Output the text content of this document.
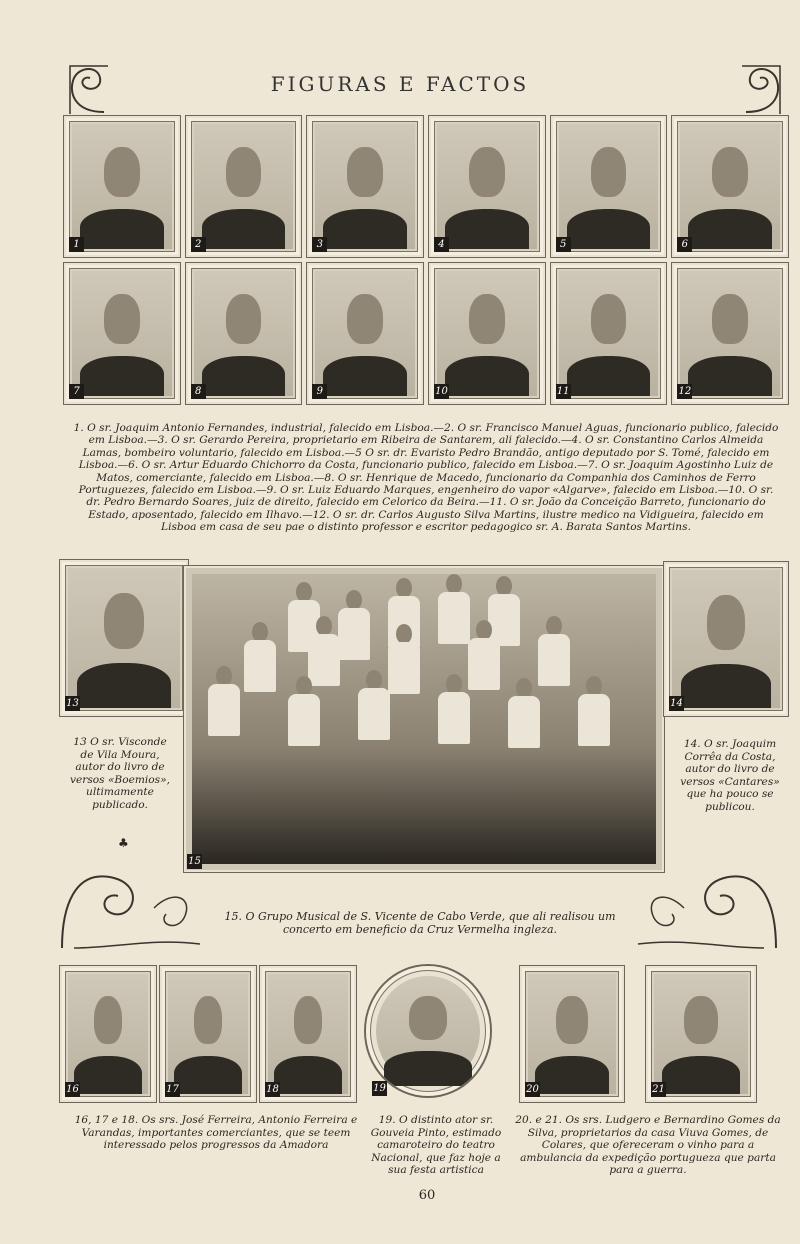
FIGURAS E FACTOS
1	2	3	4	5	6
7	8	9	10	11	12
1. O sr. Joaquim Antonio Fernandes, industrial, falecido em Lisboa.—2. O sr. Francisco Manuel Aguas, funcionario publico, falecido em Lisboa.—3. O sr. Gerardo Pereira, proprietario em Ribeira de Santarem, ali falecido.—4. O sr. Constantino Carlos Almeida Lamas, bombeiro voluntario, falecido em Lisboa.—5 O sr. dr. Evaristo Pedro Brandão, antigo deputado por S. Tomé, falecido em Lisboa.—6. O sr. Artur Eduardo Chichorro da Costa, funcionario publico, falecido em Lisboa.—7. O sr. Joaquim Agostinho Luiz de Matos, comerciante, falecido em Lisboa.—8. O sr. Henrique de Macedo, funcionario da Companhia dos Caminhos de Ferro Portuguezes, falecido em Lisboa.—9. O sr. Luiz Eduardo Marques, engenheiro do vapor «Algarve», falecido em Lisboa.—10. O sr. dr. Pedro Bernardo Soares, juiz de direito, falecido em Celorico da Beira.—11. O sr. João da Conceição Barreto, funcionario do Estado, aposentado, falecido em Ilhavo.—12. O sr. dr. Carlos Augusto Silva Martins, ilustre medico na Vidigueira, falecido em Lisboa em casa de seu pae o distinto professor e escritor pedagogico sr. A. Barata Santos Martins.
13
15
14
13 O sr. Visconde de Vila Moura, autor do livro de versos «Boemios», ultimamente publicado.
♣
14. O sr. Joaquim Corrêa da Costa, autor do livro de versos «Cantares» que ha pouco se publicou.
15. O Grupo Musical de S. Vicente de Cabo Verde, que ali realisou um concerto em beneficio da Cruz Vermelha ingleza.
16	17	18	19	20	21
16, 17 e 18. Os srs. José Ferreira, Antonio Ferreira e Varandas, importantes comerciantes, que se teem interessado pelos progressos da Amadora
19. O distinto ator sr. Gouveia Pinto, estimado camaroteiro do teatro Nacional, que faz hoje a sua festa artistica
20. e 21. Os srs. Ludgero e Bernardino Gomes da Silva, proprietarios da casa Viuva Gomes, de Colares, que ofereceram o vinho para a ambulancia da expedição portugueza que parta para a guerra.
60
